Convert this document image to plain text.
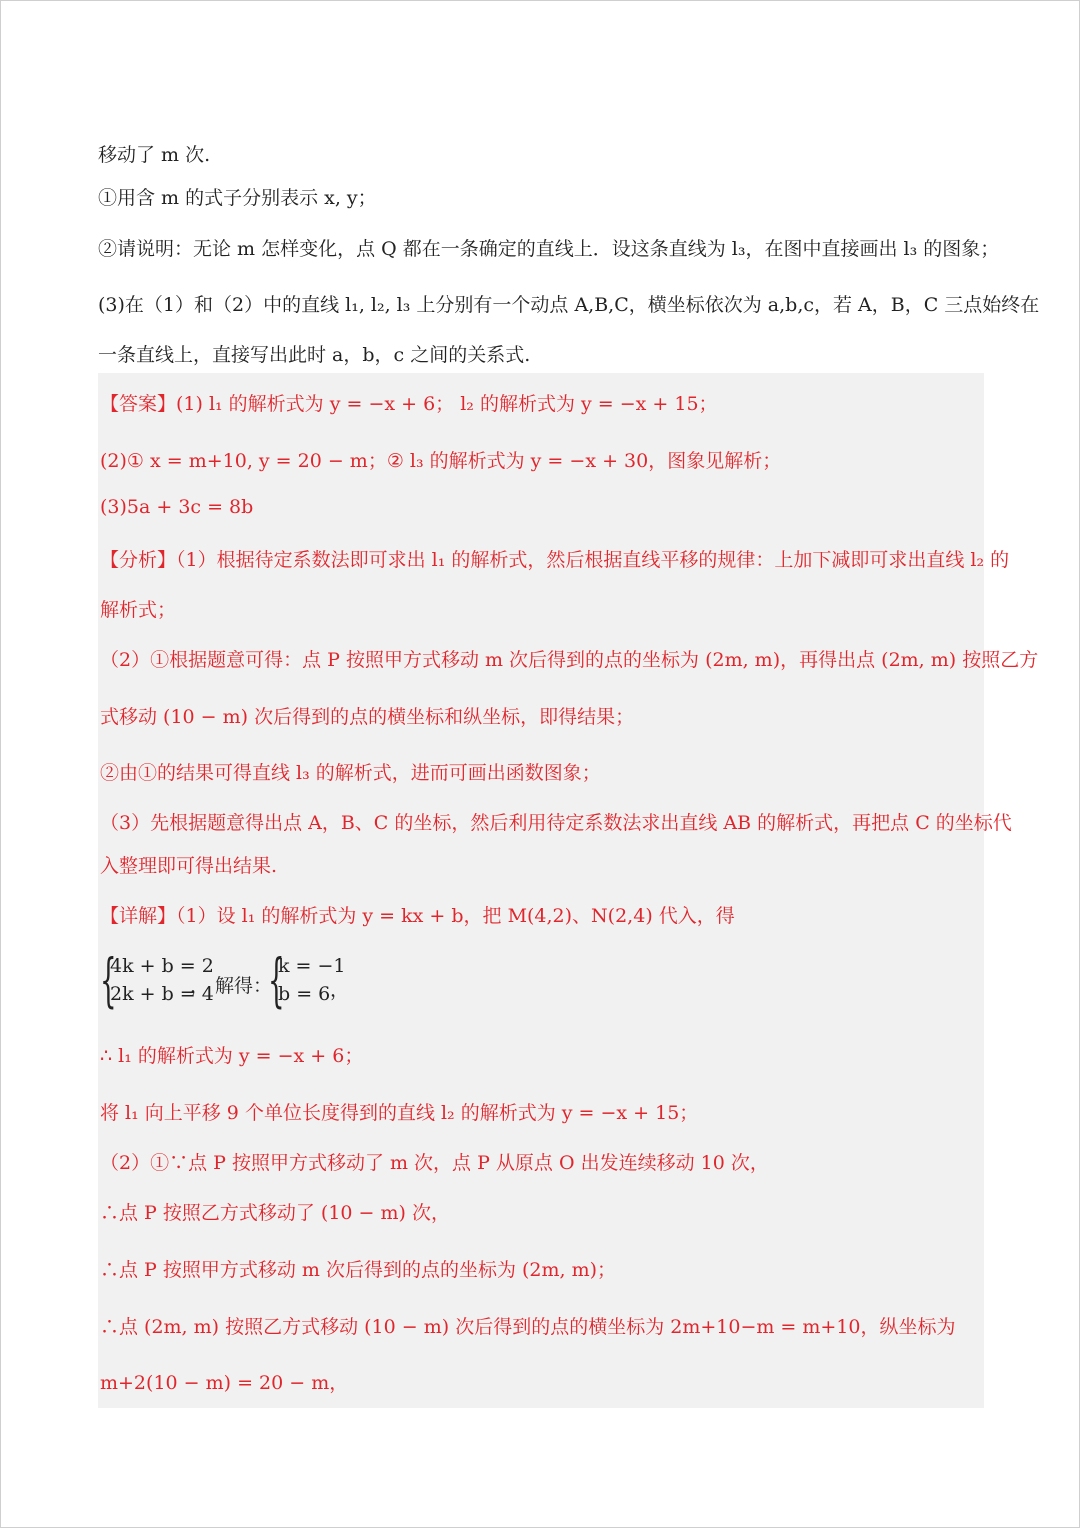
移动了 m 次.
①用含 m 的式子分别表示 x, y；
②请说明：无论 m 怎样变化，点 Q 都在一条确定的直线上．设这条直线为 l₃，在图中直接画出 l₃ 的图象；
(3)在（1）和（2）中的直线 l₁, l₂, l₃ 上分别有一个动点 A,B,C，横坐标依次为 a,b,c，若 A，B，C 三点始终在
一条直线上，直接写出此时 a，b，c 之间的关系式.
【答案】(1) l₁ 的解析式为 y = −x + 6； l₂ 的解析式为 y = −x + 15；
(2)① x = m+10, y = 20 − m；② l₃ 的解析式为 y = −x + 30，图象见解析；
(3)5a + 3c = 8b
【分析】（1）根据待定系数法即可求出 l₁ 的解析式，然后根据直线平移的规律：上加下减即可求出直线 l₂ 的
解析式；
（2）①根据题意可得：点 P 按照甲方式移动 m 次后得到的点的坐标为 (2m, m)，再得出点 (2m, m) 按照乙方
式移动 (10 − m) 次后得到的点的横坐标和纵坐标，即得结果；
②由①的结果可得直线 l₃ 的解析式，进而可画出函数图象；
（3）先根据题意得出点 A，B、C 的坐标，然后利用待定系数法求出直线 AB 的解析式，再把点 C 的坐标代
入整理即可得出结果.
【详解】（1）设 l₁ 的解析式为 y = kx + b，把 M(4,2)、N(2,4) 代入，得
{
4k + b = 2
2k + b = 4
， 解得：
{
k = −1
b = 6 ，
∴ l₁ 的解析式为 y = −x + 6；
将 l₁ 向上平移 9 个单位长度得到的直线 l₂ 的解析式为 y = −x + 15；
（2）①∵点 P 按照甲方式移动了 m 次，点 P 从原点 O 出发连续移动 10 次，
∴点 P 按照乙方式移动了 (10 − m) 次，
∴点 P 按照甲方式移动 m 次后得到的点的坐标为 (2m, m)；
∴点 (2m, m) 按照乙方式移动 (10 − m) 次后得到的点的横坐标为 2m+10−m = m+10，纵坐标为
m+2(10 − m) = 20 − m，
